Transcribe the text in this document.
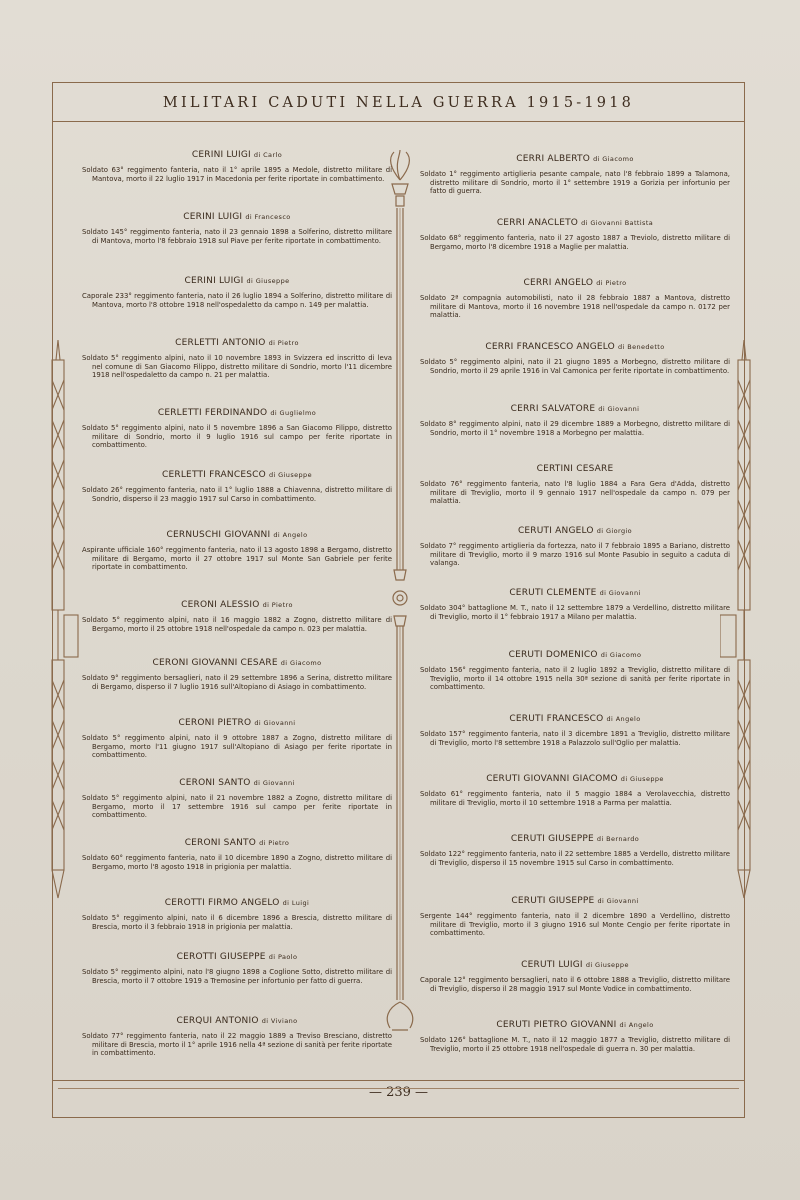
MILITARI CADUTI NELLA GUERRA 1915-1918
— 239 —
CERINI LUIGI di Carlo
Soldato 63° reggimento fanteria, nato il 1° aprile 1895 a Medole, distretto militare di Mantova, morto il 22 luglio 1917 in Macedonia per ferite riportate in combattimento.
CERINI LUIGI di Francesco
Soldato 145° reggimento fanteria, nato il 23 gennaio 1898 a Solferino, distretto militare di Mantova, morto l'8 febbraio 1918 sul Piave per ferite riportate in combattimento.
CERINI LUIGI di Giuseppe
Caporale 233° reggimento fanteria, nato il 26 luglio 1894 a Solferino, distretto militare di Mantova, morto l'8 ottobre 1918 nell'ospedaletto da campo n. 149 per malattia.
CERLETTI ANTONIO di Pietro
Soldato 5° reggimento alpini, nato il 10 novembre 1893 in Svizzera ed inscritto di leva nel comune di San Giacomo Filippo, distretto militare di Sondrio, morto l'11 dicembre 1918 nell'ospedaletto da campo n. 21 per malattia.
CERLETTI FERDINANDO di Guglielmo
Soldato 5° reggimento alpini, nato il 5 novembre 1896 a San Giacomo Filippo, distretto militare di Sondrio, morto il 9 luglio 1916 sul campo per ferite riportate in combattimento.
CERLETTI FRANCESCO di Giuseppe
Soldato 26° reggimento fanteria, nato il 1° luglio 1888 a Chiavenna, distretto militare di Sondrio, disperso il 23 maggio 1917 sul Carso in combattimento.
CERNUSCHI GIOVANNI di Angelo
Aspirante ufficiale 160° reggimento fanteria, nato il 13 agosto 1898 a Bergamo, distretto militare di Bergamo, morto il 27 ottobre 1917 sul Monte San Gabriele per ferite riportate in combattimento.
CERONI ALESSIO di Pietro
Soldato 5° reggimento alpini, nato il 16 maggio 1882 a Zogno, distretto militare di Bergamo, morto il 25 ottobre 1918 nell'ospedale da campo n. 023 per malattia.
CERONI GIOVANNI CESARE di Giacomo
Soldato 9° reggimento bersaglieri, nato il 29 settembre 1896 a Serina, distretto militare di Bergamo, disperso il 7 luglio 1916 sull'Altopiano di Asiago in combattimento.
CERONI PIETRO di Giovanni
Soldato 5° reggimento alpini, nato il 9 ottobre 1887 a Zogno, distretto militare di Bergamo, morto l'11 giugno 1917 sull'Altopiano di Asiago per ferite riportate in combattimento.
CERONI SANTO di Giovanni
Soldato 5° reggimento alpini, nato il 21 novembre 1882 a Zogno, distretto militare di Bergamo, morto il 17 settembre 1916 sul campo per ferite riportate in combattimento.
CERONI SANTO di Pietro
Soldato 60° reggimento fanteria, nato il 10 dicembre 1890 a Zogno, distretto militare di Bergamo, morto l'8 agosto 1918 in prigionia per malattia.
CEROTTI FIRMO ANGELO di Luigi
Soldato 5° reggimento alpini, nato il 6 dicembre 1896 a Brescia, distretto militare di Brescia, morto il 3 febbraio 1918 in prigionia per malattia.
CEROTTI GIUSEPPE di Paolo
Soldato 5° reggimento alpini, nato l'8 giugno 1898 a Coglione Sotto, distretto militare di Brescia, morto il 7 ottobre 1919 a Tremosine per infortunio per fatto di guerra.
CERQUI ANTONIO di Viviano
Soldato 77° reggimento fanteria, nato il 22 maggio 1889 a Treviso Bresciano, distretto militare di Brescia, morto il 1° aprile 1916 nella 4ª sezione di sanità per ferite riportate in combattimento.
CERRI ALBERTO di Giacomo
Soldato 1° reggimento artiglieria pesante campale, nato l'8 febbraio 1899 a Talamona, distretto militare di Sondrio, morto il 1° settembre 1919 a Gorizia per infortunio per fatto di guerra.
CERRI ANACLETO di Giovanni Battista
Soldato 68° reggimento fanteria, nato il 27 agosto 1887 a Treviolo, distretto militare di Bergamo, morto l'8 dicembre 1918 a Maglie per malattia.
CERRI ANGELO di Pietro
Soldato 2ª compagnia automobilisti, nato il 28 febbraio 1887 a Mantova, distretto militare di Mantova, morto il 16 novembre 1918 nell'ospedale da campo n. 0172 per malattia.
CERRI FRANCESCO ANGELO di Benedetto
Soldato 5° reggimento alpini, nato il 21 giugno 1895 a Morbegno, distretto militare di Sondrio, morto il 29 aprile 1916 in Val Camonica per ferite riportate in combattimento.
CERRI SALVATORE di Giovanni
Soldato 8° reggimento alpini, nato il 29 dicembre 1889 a Morbegno, distretto militare di Sondrio, morto il 1° novembre 1918 a Morbegno per malattia.
CERTINI CESARE
Soldato 76° reggimento fanteria, nato l'8 luglio 1884 a Fara Gera d'Adda, distretto militare di Treviglio, morto il 9 gennaio 1917 nell'ospedale da campo n. 079 per malattia.
CERUTI ANGELO di Giorgio
Soldato 7° reggimento artiglieria da fortezza, nato il 7 febbraio 1895 a Bariano, distretto militare di Treviglio, morto il 9 marzo 1916 sul Monte Pasubio in seguito a caduta di valanga.
CERUTI CLEMENTE di Giovanni
Soldato 304° battaglione M. T., nato il 12 settembre 1879 a Verdellino, distretto militare di Treviglio, morto il 1° febbraio 1917 a Milano per malattia.
CERUTI DOMENICO di Giacomo
Soldato 156° reggimento fanteria, nato il 2 luglio 1892 a Treviglio, distretto militare di Treviglio, morto il 14 ottobre 1915 nella 30ª sezione di sanità per ferite riportate in combattimento.
CERUTI FRANCESCO di Angelo
Soldato 157° reggimento fanteria, nato il 3 dicembre 1891 a Treviglio, distretto militare di Treviglio, morto l'8 settembre 1918 a Palazzolo sull'Oglio per malattia.
CERUTI GIOVANNI GIACOMO di Giuseppe
Soldato 61° reggimento fanteria, nato il 5 maggio 1884 a Verolavecchia, distretto militare di Treviglio, morto il 10 settembre 1918 a Parma per malattia.
CERUTI GIUSEPPE di Bernardo
Soldato 122° reggimento fanteria, nato il 22 settembre 1885 a Verdello, distretto militare di Treviglio, disperso il 15 novembre 1915 sul Carso in combattimento.
CERUTI GIUSEPPE di Giovanni
Sergente 144° reggimento fanteria, nato il 2 dicembre 1890 a Verdellino, distretto militare di Treviglio, morto il 3 giugno 1916 sul Monte Cengio per ferite riportate in combattimento.
CERUTI LUIGI di Giuseppe
Caporale 12° reggimento bersaglieri, nato il 6 ottobre 1888 a Treviglio, distretto militare di Treviglio, disperso il 28 maggio 1917 sul Monte Vodice in combattimento.
CERUTI PIETRO GIOVANNI di Angelo
Soldato 126° battaglione M. T., nato il 12 maggio 1877 a Treviglio, distretto militare di Treviglio, morto il 25 ottobre 1918 nell'ospedale di guerra n. 30 per malattia.
